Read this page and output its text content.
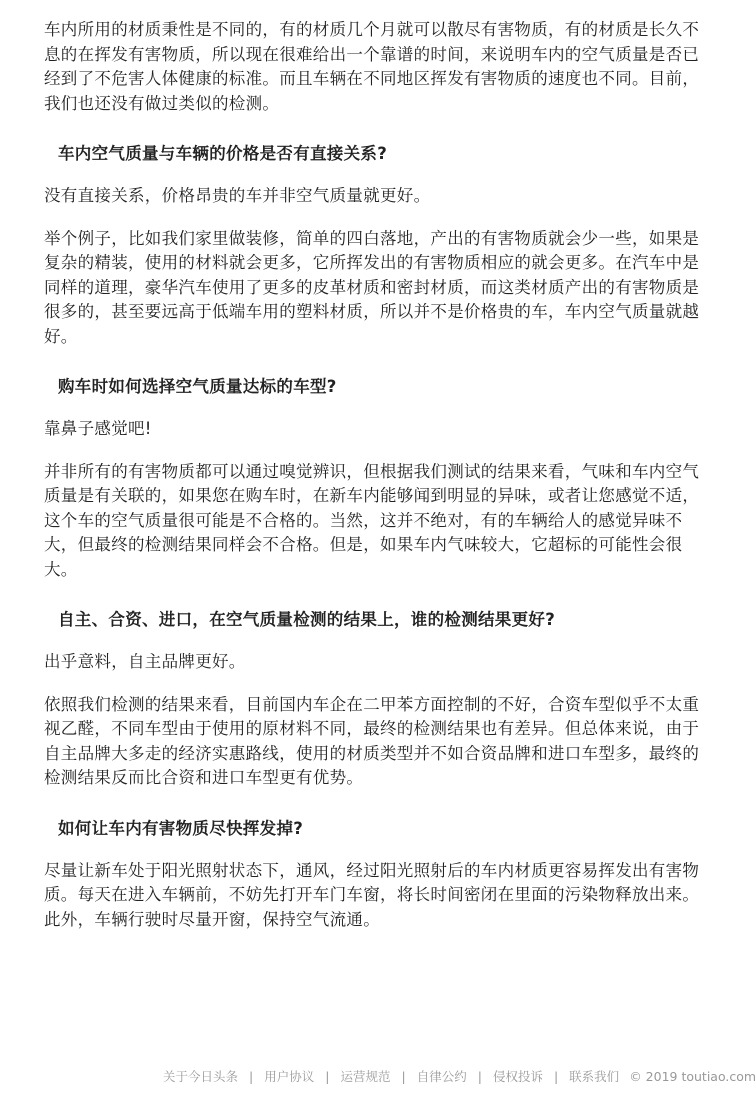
车内所用的材质秉性是不同的，有的材质几个月就可以散尽有害物质，有的材质是长久不息的在挥发有害物质，所以现在很难给出一个靠谱的时间，来说明车内的空气质量是否已经到了不危害人体健康的标准。而且车辆在不同地区挥发有害物质的速度也不同。目前，我们也还没有做过类似的检测。

车内空气质量与车辆的价格是否有直接关系?

没有直接关系，价格昂贵的车并非空气质量就更好。

举个例子，比如我们家里做装修，简单的四白落地，产出的有害物质就会少一些，如果是复杂的精装，使用的材料就会更多，它所挥发出的有害物质相应的就会更多。在汽车中是同样的道理，豪华汽车使用了更多的皮革材质和密封材质，而这类材质产出的有害物质是很多的，甚至要远高于低端车用的塑料材质，所以并不是价格贵的车，车内空气质量就越好。

购车时如何选择空气质量达标的车型?

靠鼻子感觉吧!

并非所有的有害物质都可以通过嗅觉辨识，但根据我们测试的结果来看，气味和车内空气质量是有关联的，如果您在购车时，在新车内能够闻到明显的异味，或者让您感觉不适，这个车的空气质量很可能是不合格的。当然，这并不绝对，有的车辆给人的感觉异味不大，但最终的检测结果同样会不合格。但是，如果车内气味较大，它超标的可能性会很大。

自主、合资、进口，在空气质量检测的结果上，谁的检测结果更好?

出乎意料，自主品牌更好。

依照我们检测的结果来看，目前国内车企在二甲苯方面控制的不好，合资车型似乎不太重视乙醛，不同车型由于使用的原材料不同，最终的检测结果也有差异。但总体来说，由于自主品牌大多走的经济实惠路线，使用的材质类型并不如合资品牌和进口车型多，最终的检测结果反而比合资和进口车型更有优势。

如何让车内有害物质尽快挥发掉?

尽量让新车处于阳光照射状态下，通风，经过阳光照射后的车内材质更容易挥发出有害物质。每天在进入车辆前，不妨先打开车门车窗，将长时间密闭在里面的污染物释放出来。此外，车辆行驶时尽量开窗，保持空气流通。

关于今日头条 | 用户协议 | 运营规范 | 自律公约 | 侵权投诉 | 联系我们 © 2019 toutiao.com
